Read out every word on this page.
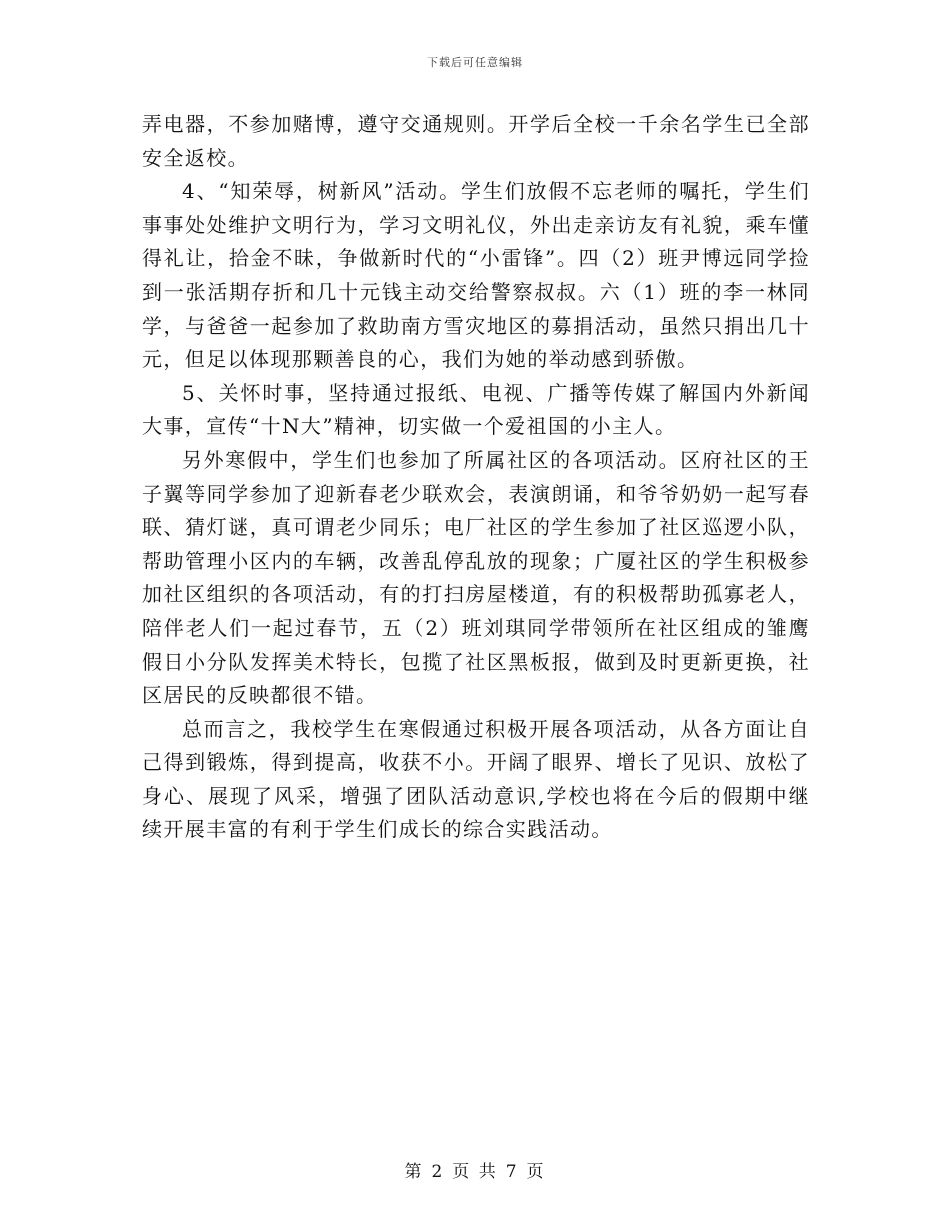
下载后可任意编辑

弄电器，不参加赌博，遵守交通规则。开学后全校一千余名学生已全部安全返校。

4、“知荣辱，树新风”活动。学生们放假不忘老师的嘱托，学生们事事处处维护文明行为，学习文明礼仪，外出走亲访友有礼貌，乘车懂得礼让，拾金不昧，争做新时代的“小雷锋”。四（2）班尹博远同学捡到一张活期存折和几十元钱主动交给警察叔叔。六（1）班的李一林同学，与爸爸一起参加了救助南方雪灾地区的募捐活动，虽然只捐出几十元，但足以体现那颗善良的心，我们为她的举动感到骄傲。

5、关怀时事，坚持通过报纸、电视、广播等传媒了解国内外新闻大事，宣传“十N大”精神，切实做一个爱祖国的小主人。

另外寒假中，学生们也参加了所属社区的各项活动。区府社区的王子翼等同学参加了迎新春老少联欢会，表演朗诵，和爷爷奶奶一起写春联、猜灯谜，真可谓老少同乐；电厂社区的学生参加了社区巡逻小队，帮助管理小区内的车辆，改善乱停乱放的现象；广厦社区的学生积极参加社区组织的各项活动，有的打扫房屋楼道，有的积极帮助孤寡老人，陪伴老人们一起过春节，五（2）班刘琪同学带领所在社区组成的雏鹰假日小分队发挥美术特长，包揽了社区黑板报，做到及时更新更换，社区居民的反映都很不错。

总而言之，我校学生在寒假通过积极开展各项活动，从各方面让自己得到锻炼，得到提高，收获不小。开阔了眼界、增长了见识、放松了身心、展现了风采，增强了团队活动意识,学校也将在今后的假期中继续开展丰富的有利于学生们成长的综合实践活动。

第 2 页 共 7 页
